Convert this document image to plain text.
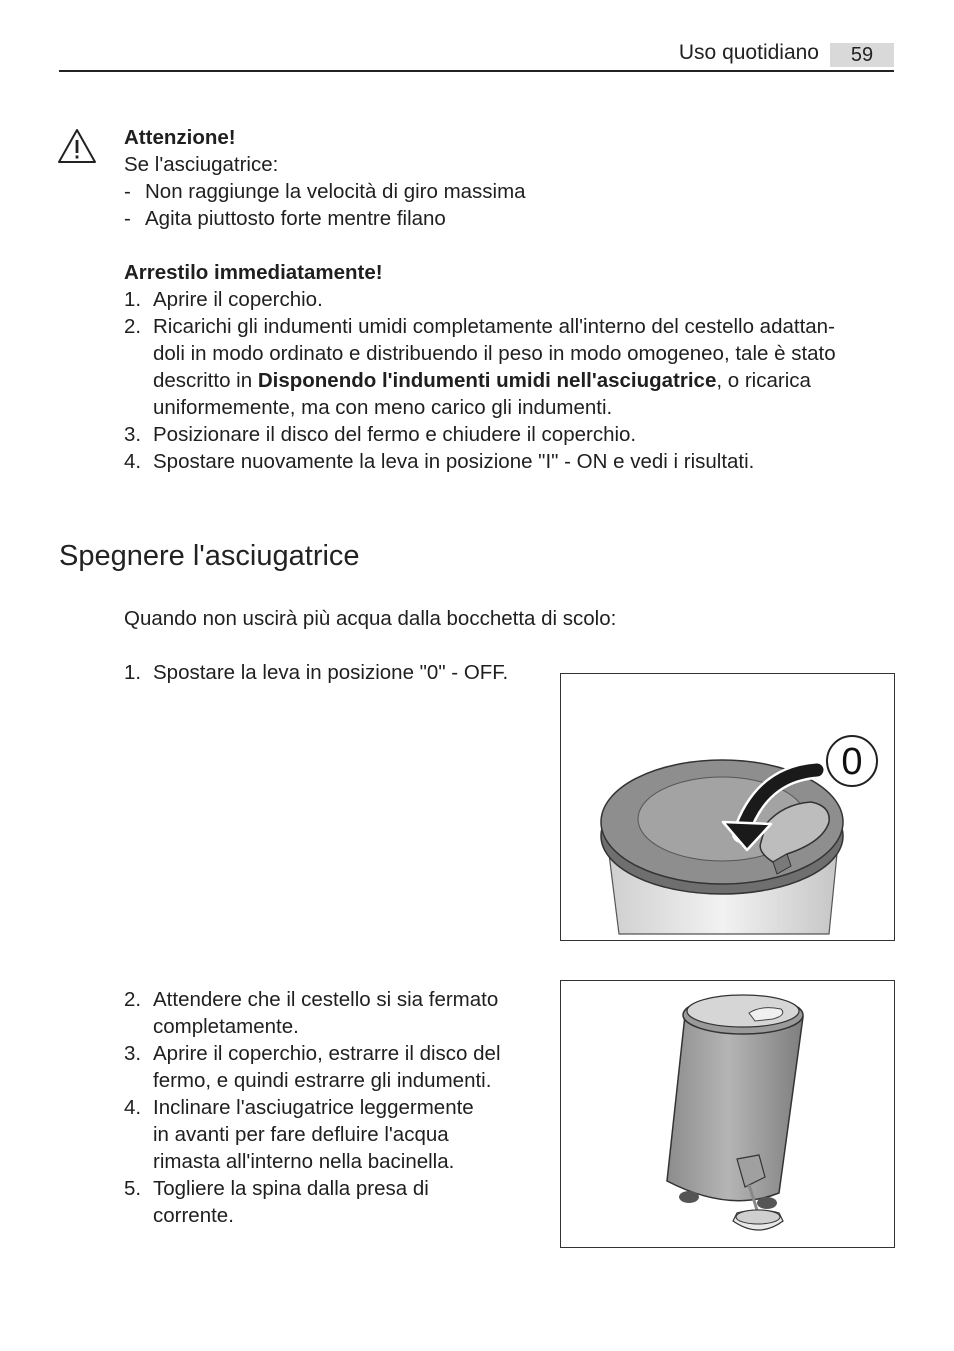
Uso quotidiano	59
Attenzione!
Se l'asciugatrice:
- Non raggiunge la velocità di giro massima
- Agita piuttosto forte mentre filano
Arrestilo immediatamente!
1. Aprire il coperchio.
2. Ricarichi gli indumenti umidi completamente all'interno del cestello adattan-
doli in modo ordinato e distribuendo il peso in modo omogeneo, tale è stato
descritto in Disponendo l'indumenti umidi nell'asciugatrice, o ricarica
uniformemente, ma con meno carico gli indumenti.
3. Posizionare il disco del fermo e chiudere il coperchio.
4. Spostare nuovamente la leva in posizione "I" - ON e vedi i risultati.
Spegnere l'asciugatrice
Quando non uscirà più acqua dalla bocchetta di scolo:
1. Spostare la leva in posizione "0" - OFF.
0
2. Attendere che il cestello si sia fermato
completamente.
3. Aprire il coperchio, estrarre il disco del
fermo, e quindi estrarre gli indumenti.
4. Inclinare l'asciugatrice leggermente
in avanti per fare defluire l'acqua
rimasta all'interno nella bacinella.
5. Togliere la spina dalla presa di
corrente.
